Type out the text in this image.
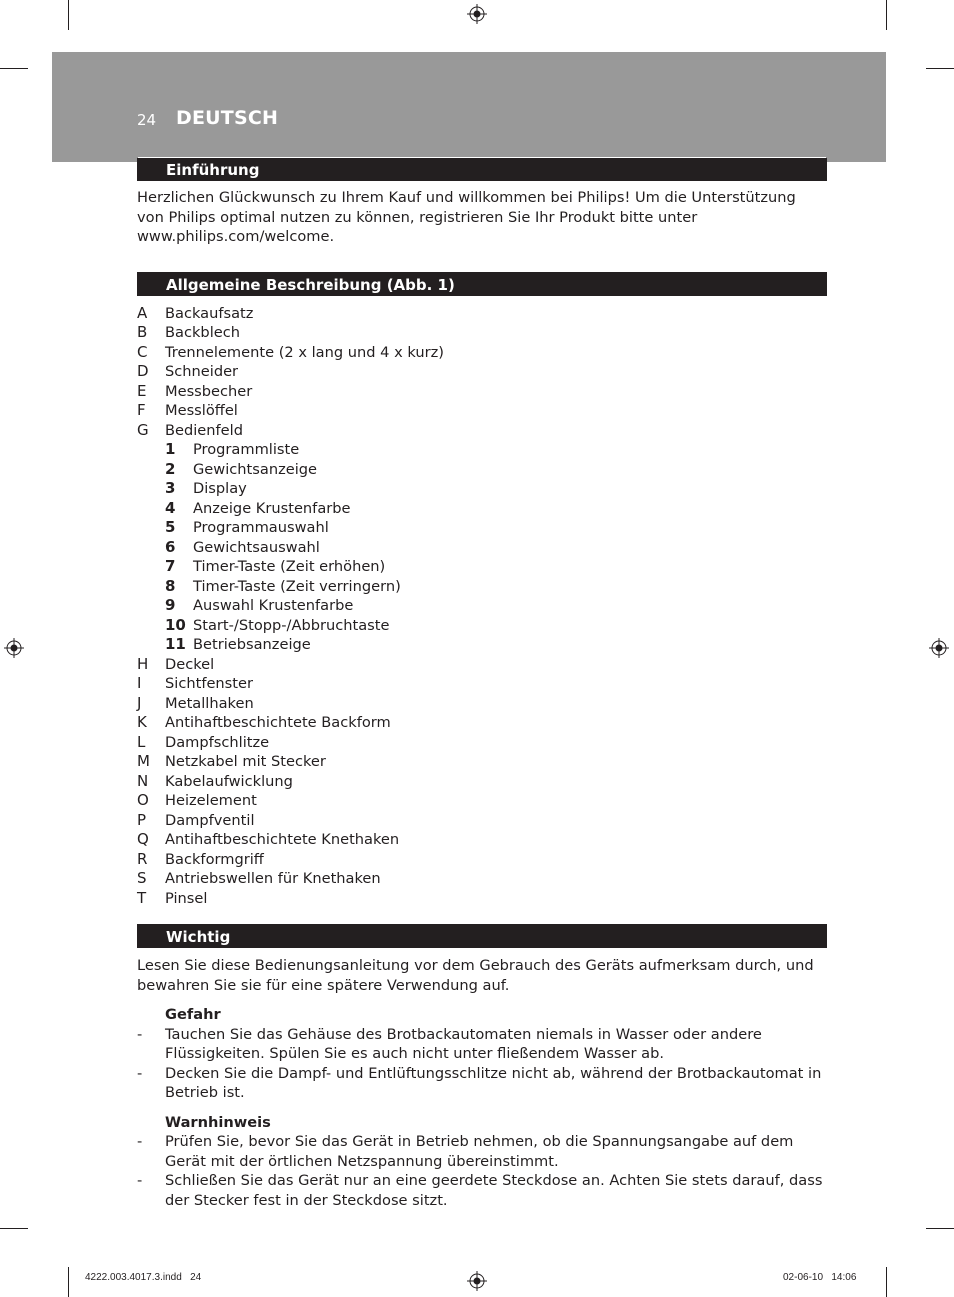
24 DEUTSCH
Einführung

Herzlichen Glückwunsch zu Ihrem Kauf und willkommen bei Philips! Um die Unterstützung von Philips optimal nutzen zu können, registrieren Sie Ihr Produkt bitte unter www.philips.com/welcome.

Allgemeine Beschreibung (Abb. 1)
A	Backaufsatz
B	Backblech
C	Trennelemente (2 x lang und 4 x kurz)
D	Schneider
E	Messbecher
F	Messlöffel
G	Bedienfeld
1	Programmliste
2	Gewichtsanzeige
3	Display
4	Anzeige Krustenfarbe
5	Programmauswahl
6	Gewichtsauswahl
7	Timer-Taste (Zeit erhöhen)
8	Timer-Taste (Zeit verringern)
9	Auswahl Krustenfarbe
10 Start-/Stopp-/Abbruchtaste
11 Betriebsanzeige
H	Deckel
I	Sichtfenster
J	Metallhaken
K	Antihaftbeschichtete Backform
L	Dampfschlitze
M	Netzkabel mit Stecker
N	Kabelaufwicklung
O	Heizelement
P	Dampfventil
Q	Antihaftbeschichtete Knethaken
R	Backformgriff
S	Antriebswellen für Knethaken
T	Pinsel
Wichtig

Lesen Sie diese Bedienungsanleitung vor dem Gebrauch des Geräts aufmerksam durch, und bewahren Sie sie für eine spätere Verwendung auf.

Gefahr
-	Tauchen Sie das Gehäuse des Brotbackautomaten niemals in Wasser oder andere Flüssigkeiten. Spülen Sie es auch nicht unter fließendem Wasser ab.
-	Decken Sie die Dampf- und Entlüftungsschlitze nicht ab, während der Brotbackautomat in Betrieb ist.
Warnhinweis
-	Prüfen Sie, bevor Sie das Gerät in Betrieb nehmen, ob die Spannungsangabe auf dem Gerät mit der örtlichen Netzspannung übereinstimmt.
-	Schließen Sie das Gerät nur an eine geerdete Steckdose an. Achten Sie stets darauf, dass der Stecker fest in der Steckdose sitzt.
4222.003.4017.3.indd   24	02-06-10   14:06
